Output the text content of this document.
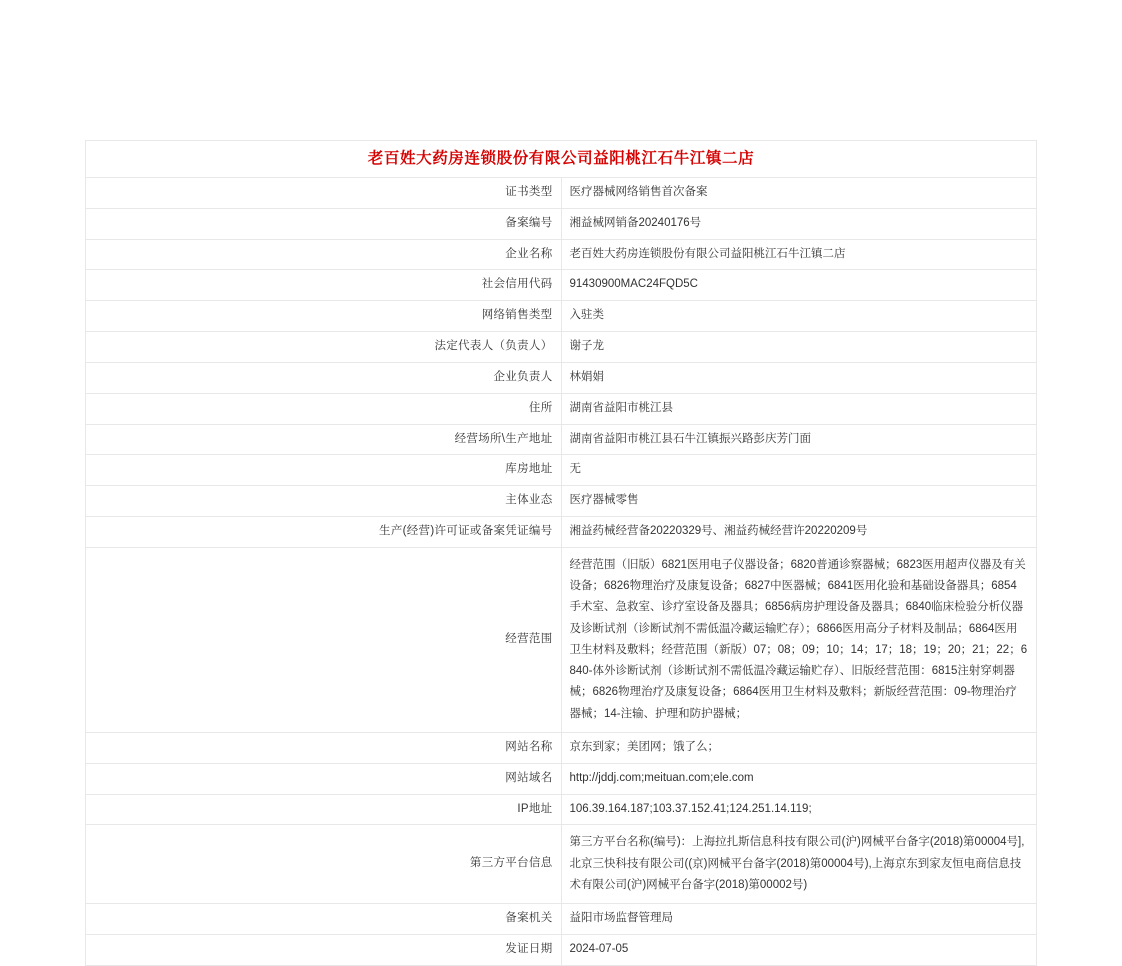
老百姓大药房连锁股份有限公司益阳桃江石牛江镇二店	
证书类型	医疗器械网络销售首次备案
备案编号	湘益械网销备20240176号
企业名称	老百姓大药房连锁股份有限公司益阳桃江石牛江镇二店
社会信用代码	91430900MAC24FQD5C
网络销售类型	入驻类
法定代表人（负责人）	谢子龙
企业负责人	林娟娟
住所	湖南省益阳市桃江县
经营场所\生产地址	湖南省益阳市桃江县石牛江镇振兴路彭庆芳门面
库房地址	无
主体业态	医疗器械零售
生产(经营)许可证或备案凭证编号	湘益药械经营备20220329号、湘益药械经营许20220209号
经营范围	经营范围（旧版）6821医用电子仪器设备；6820普通诊察器械；6823医用超声仪器及有关设备；6826物理治疗及康复设备；6827中医器械；6841医用化验和基础设备器具；6854手术室、急救室、诊疗室设备及器具；6856病房护理设备及器具；6840临床检验分析仪器及诊断试剂（诊断试剂不需低温冷藏运输贮存）；6866医用高分子材料及制品；6864医用卫生材料及敷料；经营范围（新版）07；08；09；10；14；17；18；19；20；21；22；6840-体外诊断试剂（诊断试剂不需低温冷藏运输贮存）、旧版经营范围：6815注射穿刺器械；6826物理治疗及康复设备；6864医用卫生材料及敷料；新版经营范围：09-物理治疗器械；14-注输、护理和防护器械；
网站名称	京东到家；美团网；饿了么；
网站域名	http://jddj.com;meituan.com;ele.com
IP地址	106.39.164.187;103.37.152.41;124.251.14.119;
第三方平台信息	第三方平台名称(编号)：上海拉扎斯信息科技有限公司(沪)网械平台备字(2018)第00004号],北京三快科技有限公司((京)网械平台备字(2018)第00004号),上海京东到家友恒电商信息技术有限公司(沪)网械平台备字(2018)第00002号)
备案机关	益阳市场监督管理局
发证日期	2024-07-05
